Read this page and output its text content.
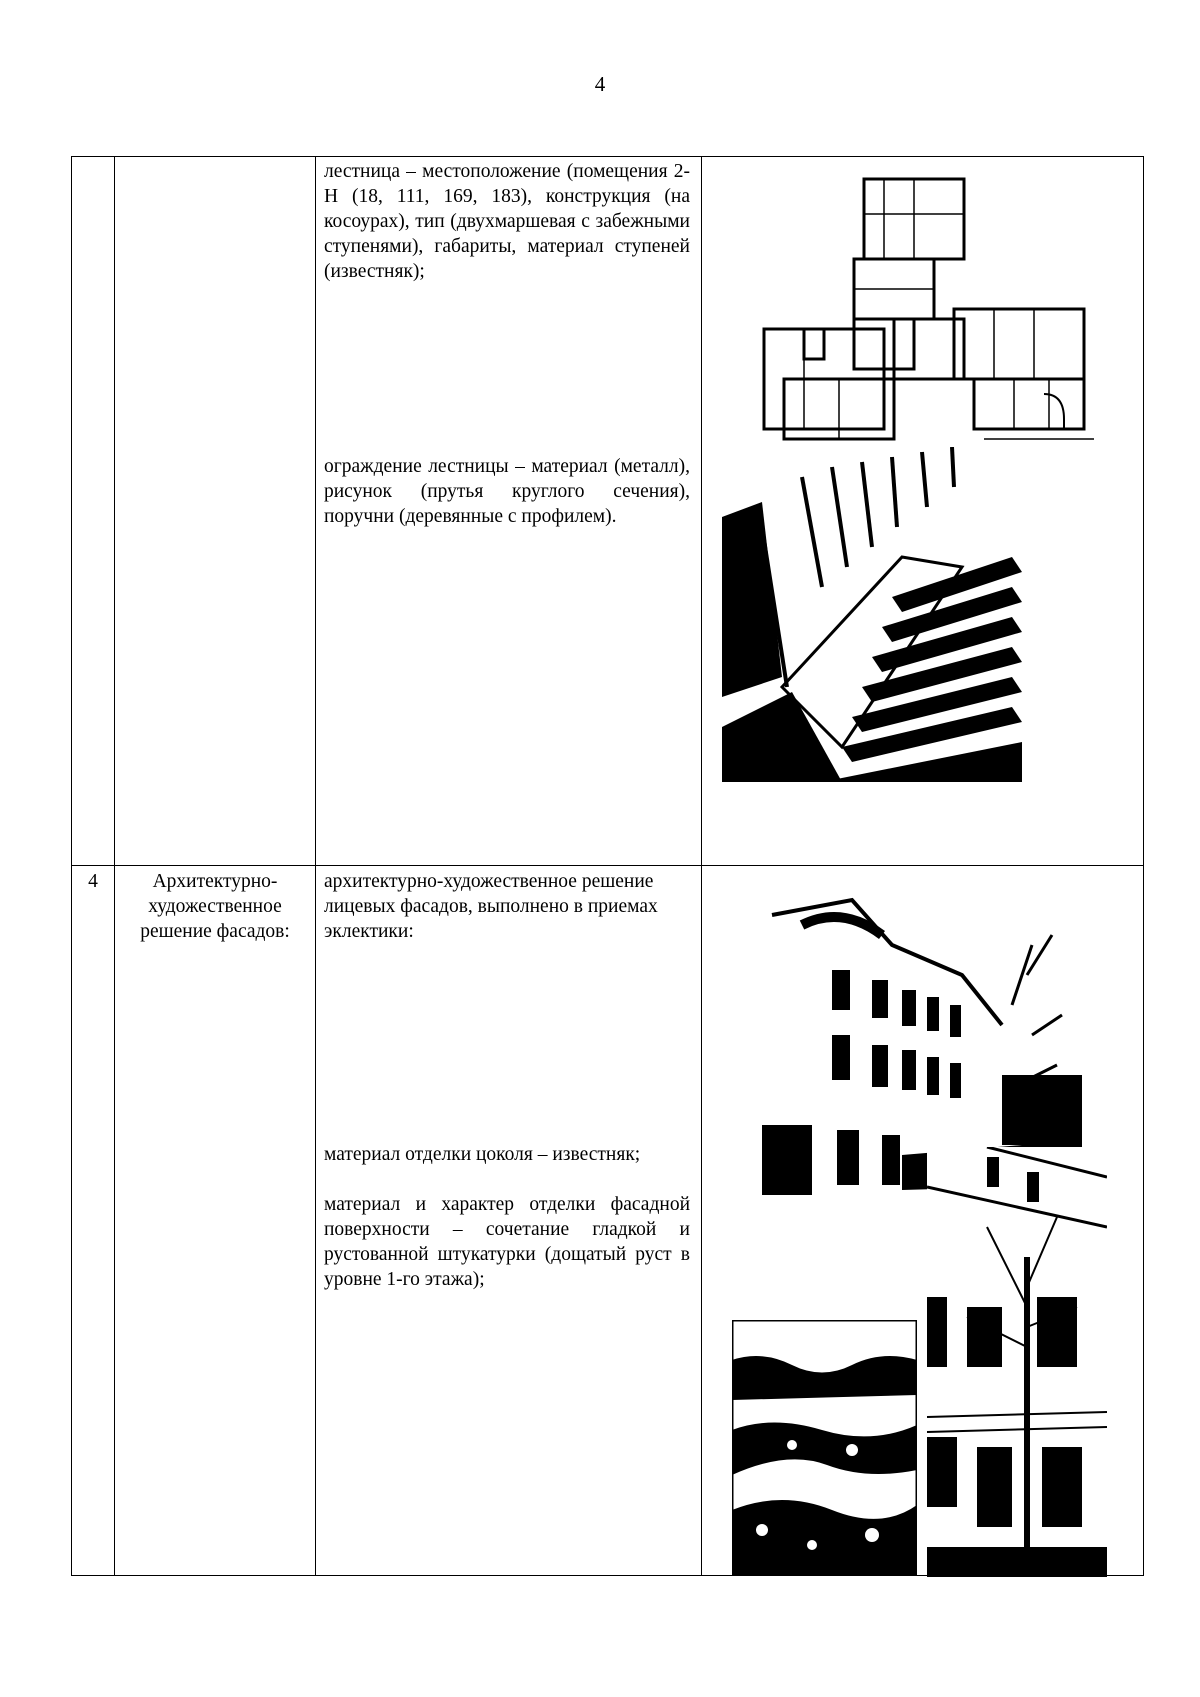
4
лестница – местоположение (помещения 2-Н (18, 111, 169, 183), конструкция (на косоурах), тип (двухмаршевая с забежными ступенями), габариты, материал ступеней (известняк);
ограждение лестницы – материал (металл), рисунок (прутья круглого сечения), поручни (деревянные с профилем).
4	Архитектурно-художественное решение фасадов:
архитектурно-художественное решение лицевых фасадов, выполнено в приемах эклектики:
материал отделки цоколя – известняк;
материал и характер отделки фасадной поверхности – сочетание гладкой и рустованной штукатурки (дощатый руст в уровне 1-го этажа);
